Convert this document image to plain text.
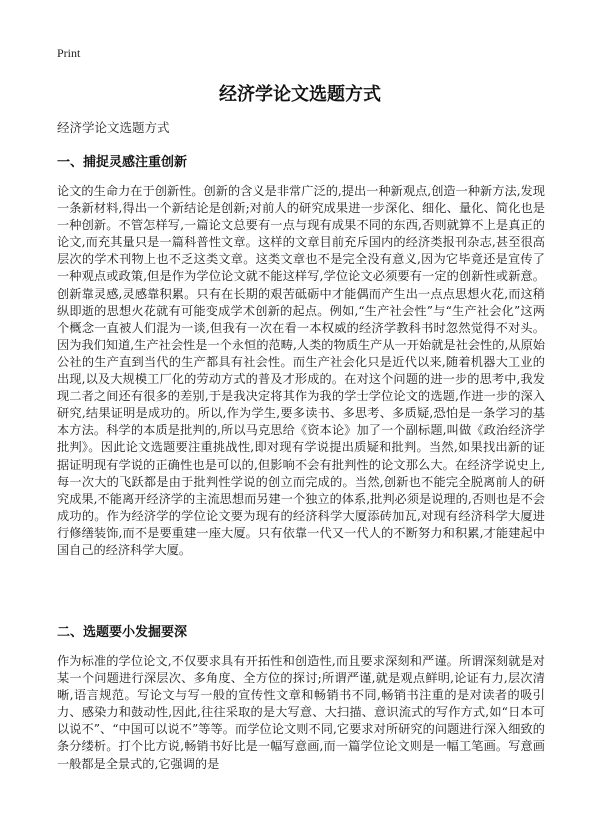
Print
经济学论文选题方式
经济学论文选题方式
一、捕捉灵感注重创新

论文的生命力在于创新性。创新的含义是非常广泛的,提出一种新观点,创造一种新方法,发现一条新材料,得出一个新结论是创新;对前人的研究成果进一步深化、细化、量化、简化也是一种创新。不管怎样写,一篇论文总要有一点与现有成果不同的东西,否则就算不上是真正的论文,而充其量只是一篇科普性文章。这样的文章目前充斥国内的经济类报刊杂志,甚至很高层次的学术刊物上也不乏这类文章。这类文章也不是完全没有意义,因为它毕竟还是宣传了一种观点或政策,但是作为学位论文就不能这样写,学位论文必须要有一定的创新性或新意。创新靠灵感,灵感靠积累。只有在长期的艰苦砥砺中才能偶而产生出一点点思想火花,而这稍纵即逝的思想火花就有可能变成学术创新的起点。例如,“生产社会性”与“生产社会化”这两个概念一直被人们混为一谈,但我有一次在看一本权威的经济学教科书时忽然觉得不对头。因为我们知道,生产社会性是一个永恒的范畴,人类的物质生产从一开始就是社会性的,从原始公社的生产直到当代的生产都具有社会性。而生产社会化只是近代以来,随着机器大工业的出现,以及大规模工厂化的劳动方式的普及才形成的。在对这个问题的进一步的思考中,我发现二者之间还有很多的差别,于是我决定将其作为我的学士学位论文的选题,作进一步的深入研究,结果证明是成功的。所以,作为学生,要多读书、多思考、多质疑,恐怕是一条学习的基本方法。科学的本质是批判的,所以马克思给《资本论》加了一个副标题,叫做《政治经济学批判》。因此论文选题要注重挑战性,即对现有学说提出质疑和批判。当然,如果找出新的证据证明现有学说的正确性也是可以的,但影响不会有批判性的论文那么大。在经济学说史上,每一次大的飞跃都是由于批判性学说的创立而完成的。当然,创新也不能完全脱离前人的研究成果,不能离开经济学的主流思想而另建一个独立的体系,批判必须是说理的,否则也是不会成功的。作为经济学的学位论文要为现有的经济科学大厦添砖加瓦,对现有经济科学大厦进行修缮装饰,而不是要重建一座大厦。只有依靠一代又一代人的不断努力和积累,才能建起中国自己的经济科学大厦。

二、选题要小发掘要深

作为标准的学位论文,不仅要求具有开拓性和创造性,而且要求深刻和严谨。所谓深刻就是对某一个问题进行深层次、多角度、全方位的探讨;所谓严谨,就是观点鲜明,论证有力,层次清晰,语言规范。写论文与写一般的宣传性文章和畅销书不同,畅销书注重的是对读者的吸引力、感染力和鼓动性,因此,往往采取的是大写意、大扫描、意识流式的写作方式,如“日本可以说不”、“中国可以说不”等等。而学位论文则不同,它要求对所研究的问题进行深入细致的条分缕析。打个比方说,畅销书好比是一幅写意画,而一篇学位论文则是一幅工笔画。写意画一般都是全景式的,它强调的是
